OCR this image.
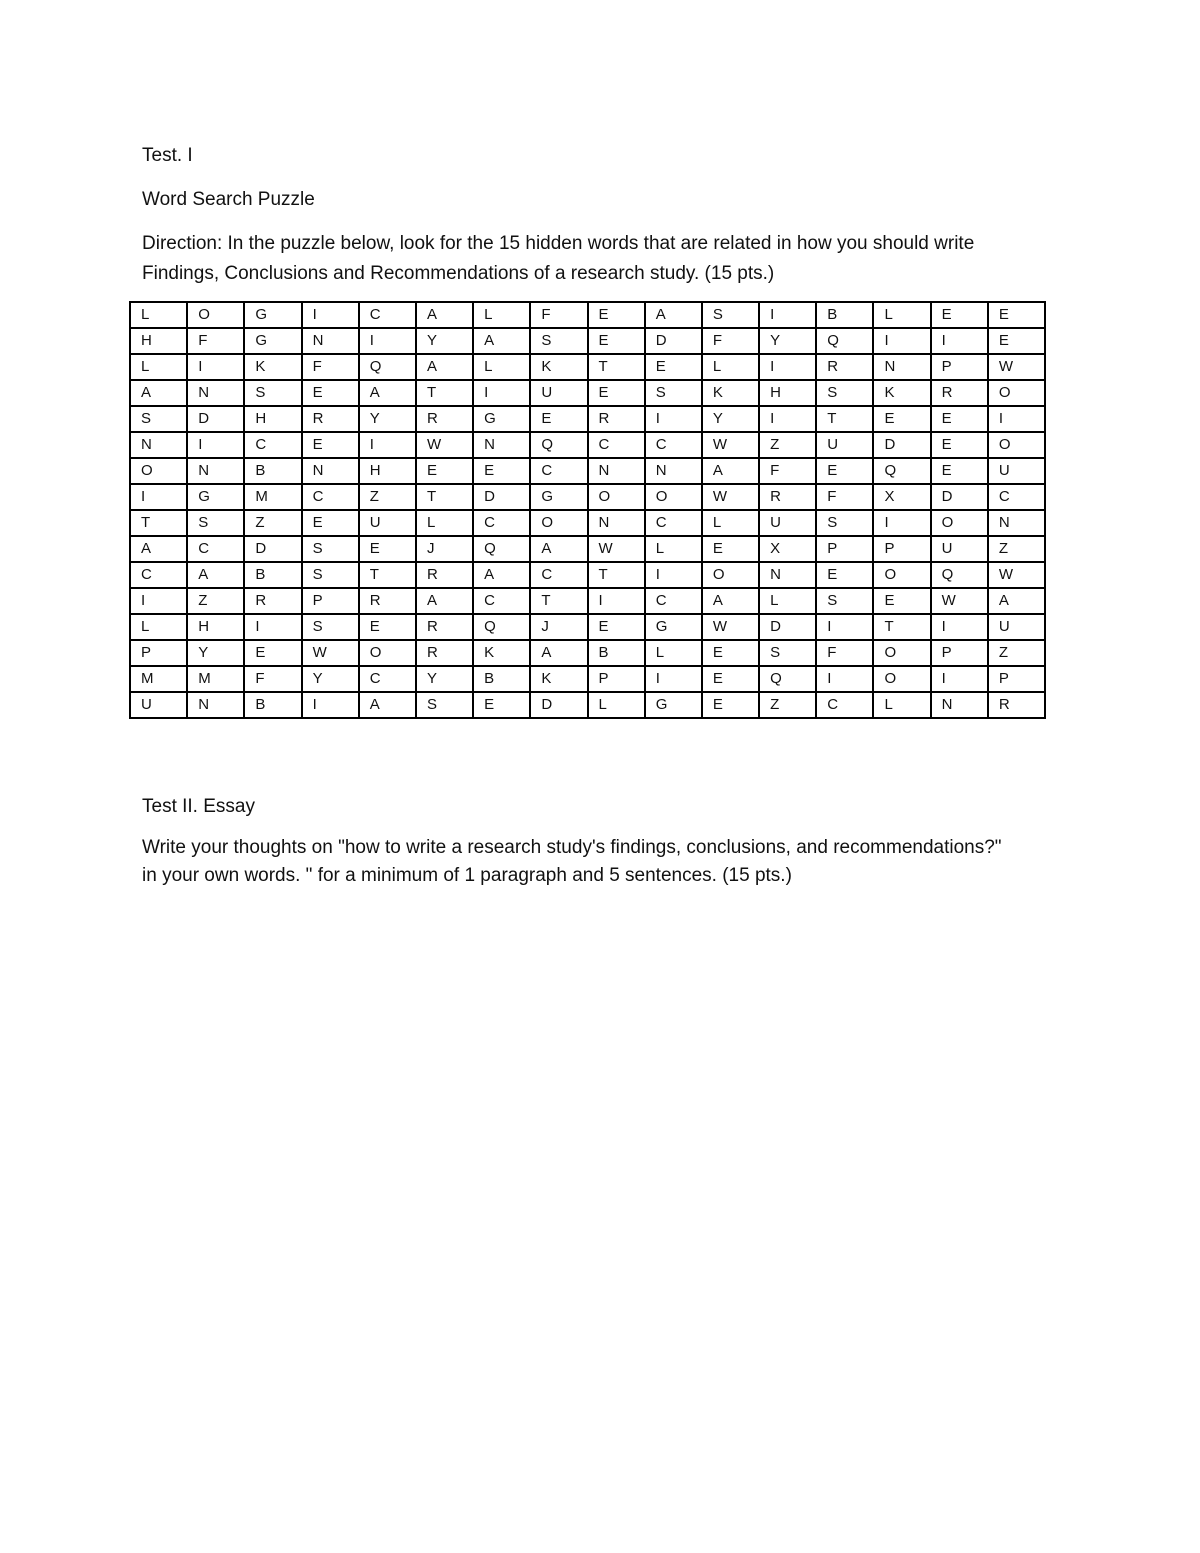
Test. I
Word Search Puzzle
Direction: In the puzzle below, look for the 15 hidden words that are related in how you should write
Findings, Conclusions and Recommendations of a research study. (15 pts.)
L	O	G	I	C	A	L	F	E	A	S	I	B	L	E	E
H	F	G	N	I	Y	A	S	E	D	F	Y	Q	I	I	E
L	I	K	F	Q	A	L	K	T	E	L	I	R	N	P	W
A	N	S	E	A	T	I	U	E	S	K	H	S	K	R	O
S	D	H	R	Y	R	G	E	R	I	Y	I	T	E	E	I
N	I	C	E	I	W	N	Q	C	C	W	Z	U	D	E	O
O	N	B	N	H	E	E	C	N	N	A	F	E	Q	E	U
I	G	M	C	Z	T	D	G	O	O	W	R	F	X	D	C
T	S	Z	E	U	L	C	O	N	C	L	U	S	I	O	N
A	C	D	S	E	J	Q	A	W	L	E	X	P	P	U	Z
C	A	B	S	T	R	A	C	T	I	O	N	E	O	Q	W
I	Z	R	P	R	A	C	T	I	C	A	L	S	E	W	A
L	H	I	S	E	R	Q	J	E	G	W	D	I	T	I	U
P	Y	E	W	O	R	K	A	B	L	E	S	F	O	P	Z
M	M	F	Y	C	Y	B	K	P	I	E	Q	I	O	I	P
U	N	B	I	A	S	E	D	L	G	E	Z	C	L	N	R
Test II. Essay
Write your thoughts on "how to write a research study's findings, conclusions, and recommendations?"
in your own words. " for a minimum of 1 paragraph and 5 sentences. (15 pts.)
